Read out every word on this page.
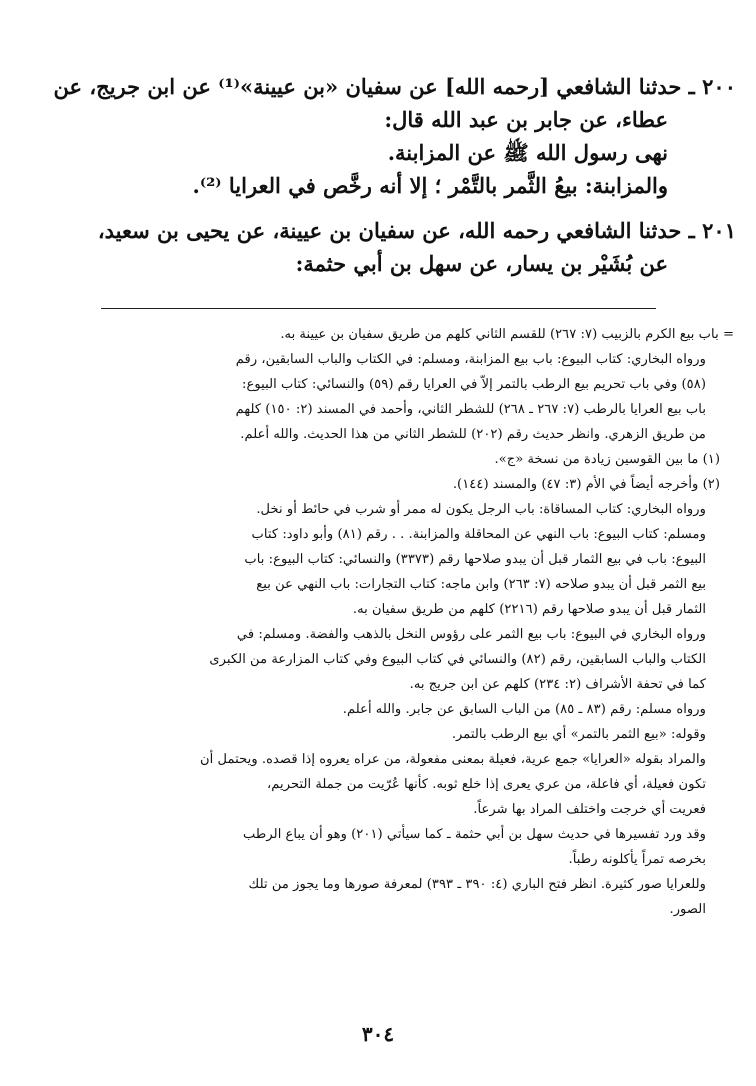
٢٠٠ ـ حدثنا الشافعي [رحمه الله] عن سفيان «بن عيينة»⁽¹⁾ عن ابن جريج، عن
عطاء، عن جابر بن عبد الله قال:
نهى رسول الله ﷺ عن المزابنة.
والمزابنة: بيعُ الثَّمر بالتَّمْر ؛ إلا أنه رخَّص في العرايا ⁽²⁾.
٢٠١ ـ حدثنا الشافعي رحمه الله، عن سفيان بن عيينة، عن يحيى بن سعيد،
عن بُشَيْر بن يسار، عن سهل بن أبي حثمة:
= باب بيع الكرم بالزبيب (٧: ٢٦٧) للقسم الثاني كلهم من طريق سفيان بن عيينة به.
ورواه البخاري: كتاب البيوع: باب بيع المزابنة، ومسلم: في الكتاب والباب السابقين، رقم
(٥٨) وفي باب تحريم بيع الرطب بالتمر إلاّ في العرايا رقم (٥٩) والنسائي: كتاب البيوع:
باب بيع العرايا بالرطب (٧: ٢٦٧ ـ ٢٦٨) للشطر الثاني، وأحمد في المسند (٢: ١٥٠) كلهم
من طريق الزهري. وانظر حديث رقم (٢٠٢) للشطر الثاني من هذا الحديث. والله أعلم.
(١) ما بين القوسين زيادة من نسخة «ج».
(٢) وأخرجه أيضاً في الأم (٣: ٤٧) والمسند (١٤٤).
ورواه البخاري: كتاب المساقاة: باب الرجل يكون له ممر أو شرب في حائط أو نخل.
ومسلم: كتاب البيوع: باب النهي عن المحاقلة والمزابنة. . . رقم (٨١) وأبو داود: كتاب
البيوع: باب في بيع الثمار قبل أن يبدو صلاحها رقم (٣٣٧٣) والنسائي: كتاب البيوع: باب
بيع الثمر قبل أن يبدو صلاحه (٧: ٢٦٣) وابن ماجه: كتاب التجارات: باب النهي عن بيع
الثمار قبل أن يبدو صلاحها رقم (٢٢١٦) كلهم من طريق سفيان به.
ورواه البخاري في البيوع: باب بيع الثمر على رؤوس النخل بالذهب والفضة. ومسلم: في
الكتاب والباب السابقين، رقم (٨٢) والنسائي في كتاب البيوع وفي كتاب المزارعة من الكبرى
كما في تحفة الأشراف (٢: ٢٣٤) كلهم عن ابن جريج به.
ورواه مسلم: رقم (٨٣ ـ ٨٥) من الباب السابق عن جابر. والله أعلم.
وقوله: «بيع الثمر بالتمر» أي بيع الرطب بالتمر.
والمراد بقوله «العرايا» جمع عرية، فعيلة بمعنى مفعولة، من عراه يعروه إذا قصده. ويحتمل أن
تكون فعيلة، أي فاعلة، من عري يعرى إذا خلع ثوبه. كأنها عُرّيت من جملة التحريم،
فعريت أي خرجت واختلف المراد بها شرعاً.
وقد ورد تفسيرها في حديث سهل بن أبي حثمة ـ كما سيأتي (٢٠١) وهو أن يباع الرطب
بخرصه تمراً يأكلونه رطباً.
وللعرايا صور كثيرة. انظر فتح الباري (٤: ٣٩٠ ـ ٣٩٣) لمعرفة صورها وما يجوز من تلك
الصور.
٣٠٤
